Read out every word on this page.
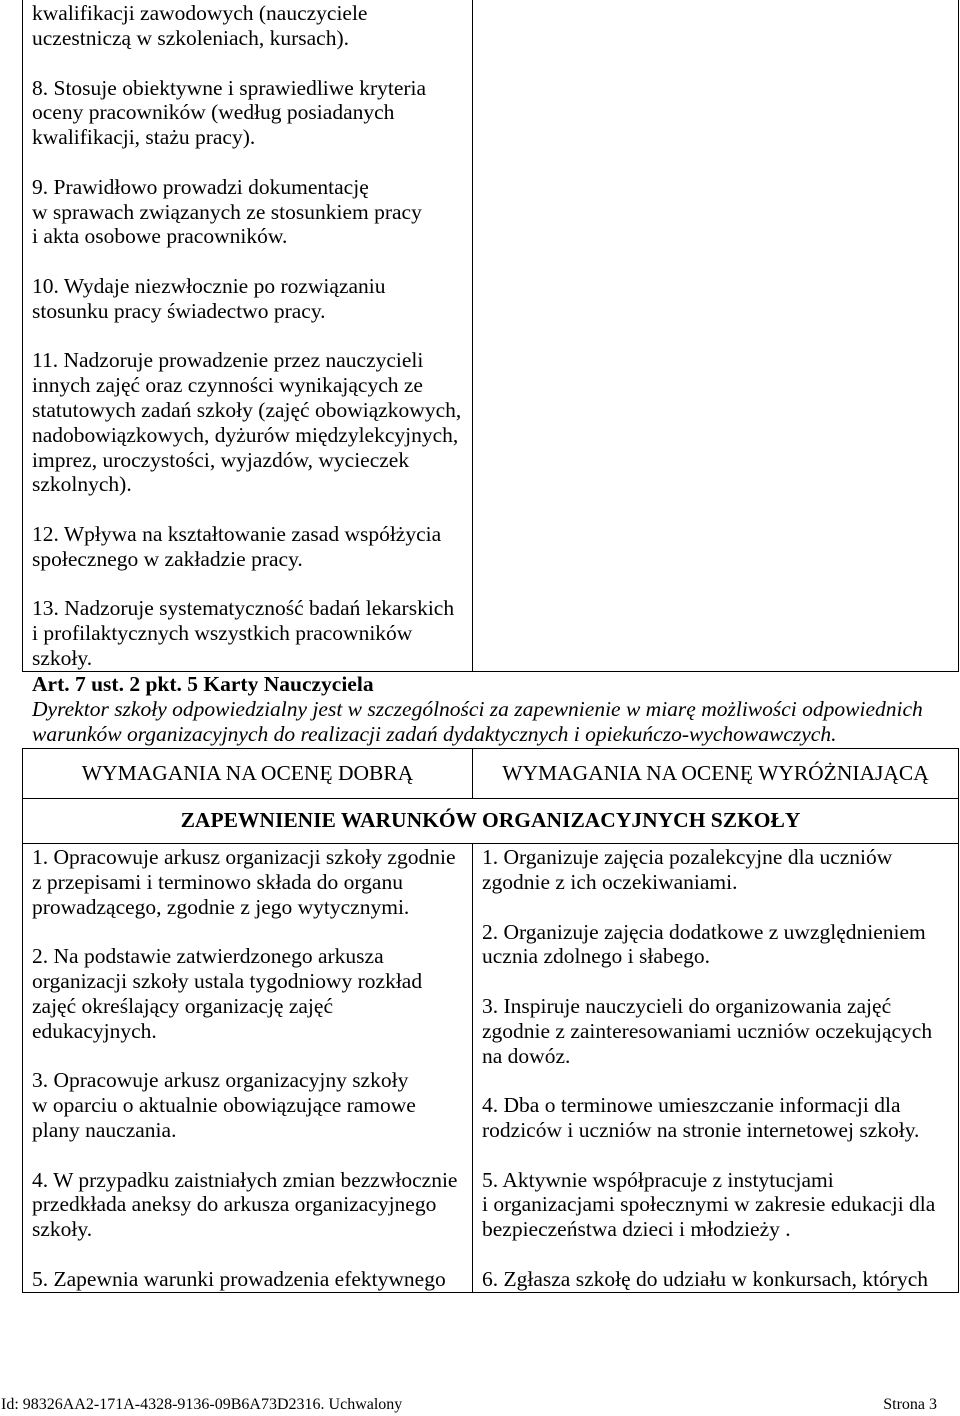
kwalifikacji zawodowych (nauczyciele
uczestniczą w szkoleniach, kursach).
8. Stosuje obiektywne i sprawiedliwe kryteria
oceny pracowników (według posiadanych
kwalifikacji, stażu pracy).
9. Prawidłowo prowadzi dokumentację
w sprawach związanych ze stosunkiem pracy
i akta osobowe pracowników.
10. Wydaje niezwłocznie po rozwiązaniu
stosunku pracy świadectwo pracy.
11. Nadzoruje prowadzenie przez nauczycieli
innych zajęć oraz czynności wynikających ze
statutowych zadań szkoły (zajęć obowiązkowych,
nadobowiązkowych, dyżurów międzylekcyjnych,
imprez, uroczystości, wyjazdów, wycieczek
szkolnych).
12. Wpływa na kształtowanie zasad współżycia
społecznego w zakładzie pracy.
13. Nadzoruje systematyczność badań lekarskich
i profilaktycznych wszystkich pracowników
szkoły.
Art. 7 ust. 2 pkt. 5 Karty Nauczyciela
Dyrektor szkoły odpowiedzialny jest w szczególności za zapewnienie w miarę możliwości odpowiednich
warunków organizacyjnych do realizacji zadań dydaktycznych i opiekuńczo-wychowawczych.
WYMAGANIA NA OCENĘ DOBRĄ	WYMAGANIA NA OCENĘ WYRÓŻNIAJĄCĄ
ZAPEWNIENIE WARUNKÓW ORGANIZACYJNYCH SZKOŁY
1. Opracowuje arkusz organizacji szkoły zgodnie
z przepisami i terminowo składa do organu
prowadzącego, zgodnie z jego wytycznymi.
2. Na podstawie zatwierdzonego arkusza
organizacji szkoły ustala tygodniowy rozkład
zajęć określający organizację zajęć
edukacyjnych.
3. Opracowuje arkusz organizacyjny szkoły
w oparciu o aktualnie obowiązujące ramowe
plany nauczania.
4. W przypadku zaistniałych zmian bezzwłocznie
przedkłada aneksy do arkusza organizacyjnego
szkoły.
5. Zapewnia warunki prowadzenia efektywnego
1. Organizuje zajęcia pozalekcyjne dla uczniów
zgodnie z ich oczekiwaniami.
2. Organizuje zajęcia dodatkowe z uwzględnieniem
ucznia zdolnego i słabego.
3. Inspiruje nauczycieli do organizowania zajęć
zgodnie z zainteresowaniami uczniów oczekujących
na dowóz.
4. Dba o terminowe umieszczanie informacji dla
rodziców i uczniów na stronie internetowej szkoły.
5. Aktywnie współpracuje z instytucjami
i organizacjami społecznymi w zakresie edukacji dla
bezpieczeństwa dzieci i młodzieży .
6. Zgłasza szkołę do udziału w konkursach, których
Id: 98326AA2-171A-4328-9136-09B6A73D2316. Uchwalony	Strona 3
